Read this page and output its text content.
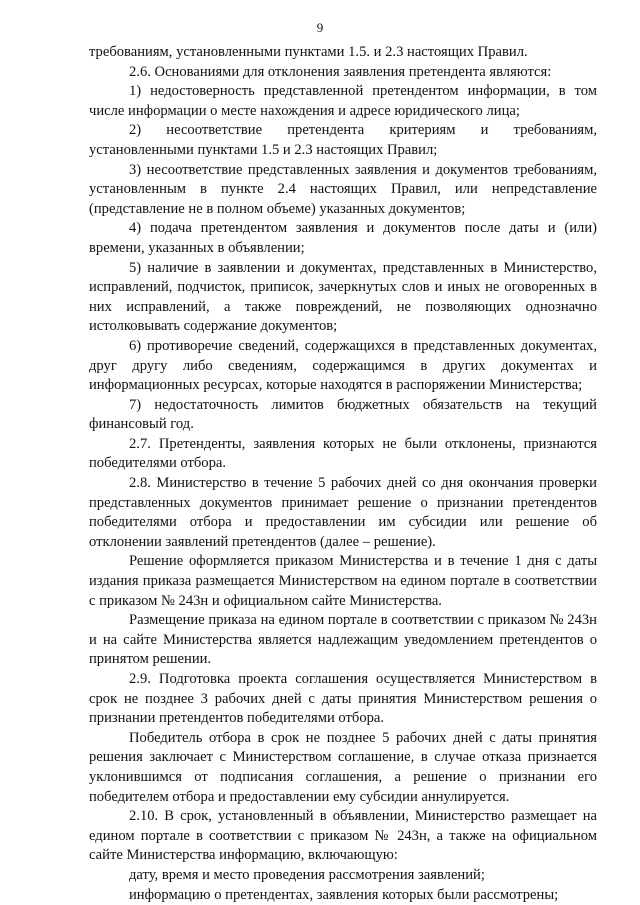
9

требованиям, установленными пунктами 1.5. и 2.3 настоящих Правил.

2.6. Основаниями для отклонения заявления претендента являются:

1) недостоверность представленной претендентом информации, в том числе информации о месте нахождения и адресе юридического лица;

2) несоответствие претендента критериям и требованиям, установленными пунктами 1.5 и 2.3 настоящих Правил;

3) несоответствие представленных заявления и документов требованиям, установленным в пункте 2.4 настоящих Правил, или непредставление (представление не в полном объеме) указанных документов;

4) подача претендентом заявления и документов после даты и (или) времени, указанных в объявлении;

5) наличие в заявлении и документах, представленных в Министерство, исправлений, подчисток, приписок, зачеркнутых слов и иных не оговоренных в них исправлений, а также повреждений, не позволяющих однозначно истолковывать содержание документов;

6) противоречие сведений, содержащихся в представленных документах, друг другу либо сведениям, содержащимся в других документах и информационных ресурсах, которые находятся в распоряжении Министерства;

7) недостаточность лимитов бюджетных обязательств на текущий финансовый год.

2.7. Претенденты, заявления которых не были отклонены, признаются победителями отбора.

2.8. Министерство в течение 5 рабочих дней со дня окончания проверки представленных документов принимает решение о признании претендентов победителями отбора и предоставлении им субсидии или решение об отклонении заявлений претендентов (далее – решение).

Решение оформляется приказом Министерства и в течение 1 дня с даты издания приказа размещается Министерством на едином портале в соответствии с приказом № 243н и официальном сайте Министерства.

Размещение приказа на едином портале в соответствии с приказом № 243н и на сайте Министерства является надлежащим уведомлением претендентов о принятом решении.

2.9. Подготовка проекта соглашения осуществляется Министерством в срок не позднее 3 рабочих дней с даты принятия Министерством решения о признании претендентов победителями отбора.

Победитель отбора в срок не позднее 5 рабочих дней с даты принятия решения заключает с Министерством соглашение, в случае отказа признается уклонившимся от подписания соглашения, а решение о признании его победителем отбора и предоставлении ему субсидии аннулируется.

2.10. В срок, установленный в объявлении, Министерство размещает на едином портале в соответствии с приказом № 243н, а также на официальном сайте Министерства информацию, включающую:

дату, время и место проведения рассмотрения заявлений;

информацию о претендентах, заявления которых были рассмотрены;
